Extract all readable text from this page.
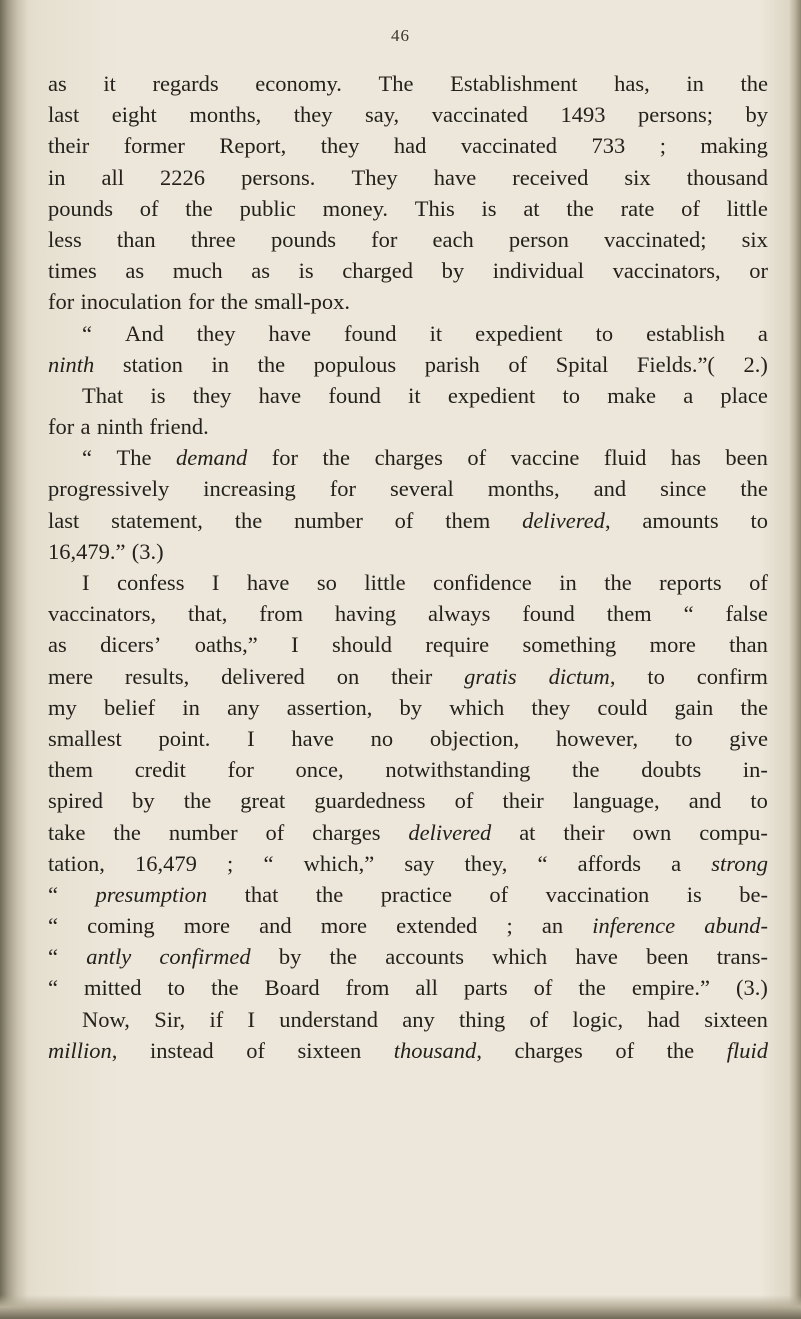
46
as it regards economy. The Establishment has, in the
last eight months, they say, vaccinated 1493 persons; by
their former Report, they had vaccinated 733 ; making
in all 2226 persons. They have received six thousand
pounds of the public money. This is at the rate of little
less than three pounds for each person vaccinated; six
times as much as is charged by individual vaccinators, or
for inoculation for the small-pox.
“ And they have found it expedient to establish a
ninth station in the populous parish of Spital Fields.”( 2.)
That is they have found it expedient to make a place
for a ninth friend.
“ The demand for the charges of vaccine fluid has been
progressively increasing for several months, and since the
last statement, the number of them delivered, amounts to
16,479.” (3.)
I confess I have so little confidence in the reports of
vaccinators, that, from having always found them “ false
as dicers’ oaths,” I should require something more than
mere results, delivered on their gratis dictum, to confirm
my belief in any assertion, by which they could gain the
smallest point. I have no objection, however, to give
them credit for once, notwithstanding the doubts in-
spired by the great guardedness of their language, and to
take the number of charges delivered at their own compu-
tation, 16,479 ; “ which,” say they, “ affords a strong
“ presumption that the practice of vaccination is be-
“ coming more and more extended ; an inference abund-
“ antly confirmed by the accounts which have been trans-
“ mitted to the Board from all parts of the empire.” (3.)
Now, Sir, if I understand any thing of logic, had sixteen
million, instead of sixteen thousand, charges of the fluid
